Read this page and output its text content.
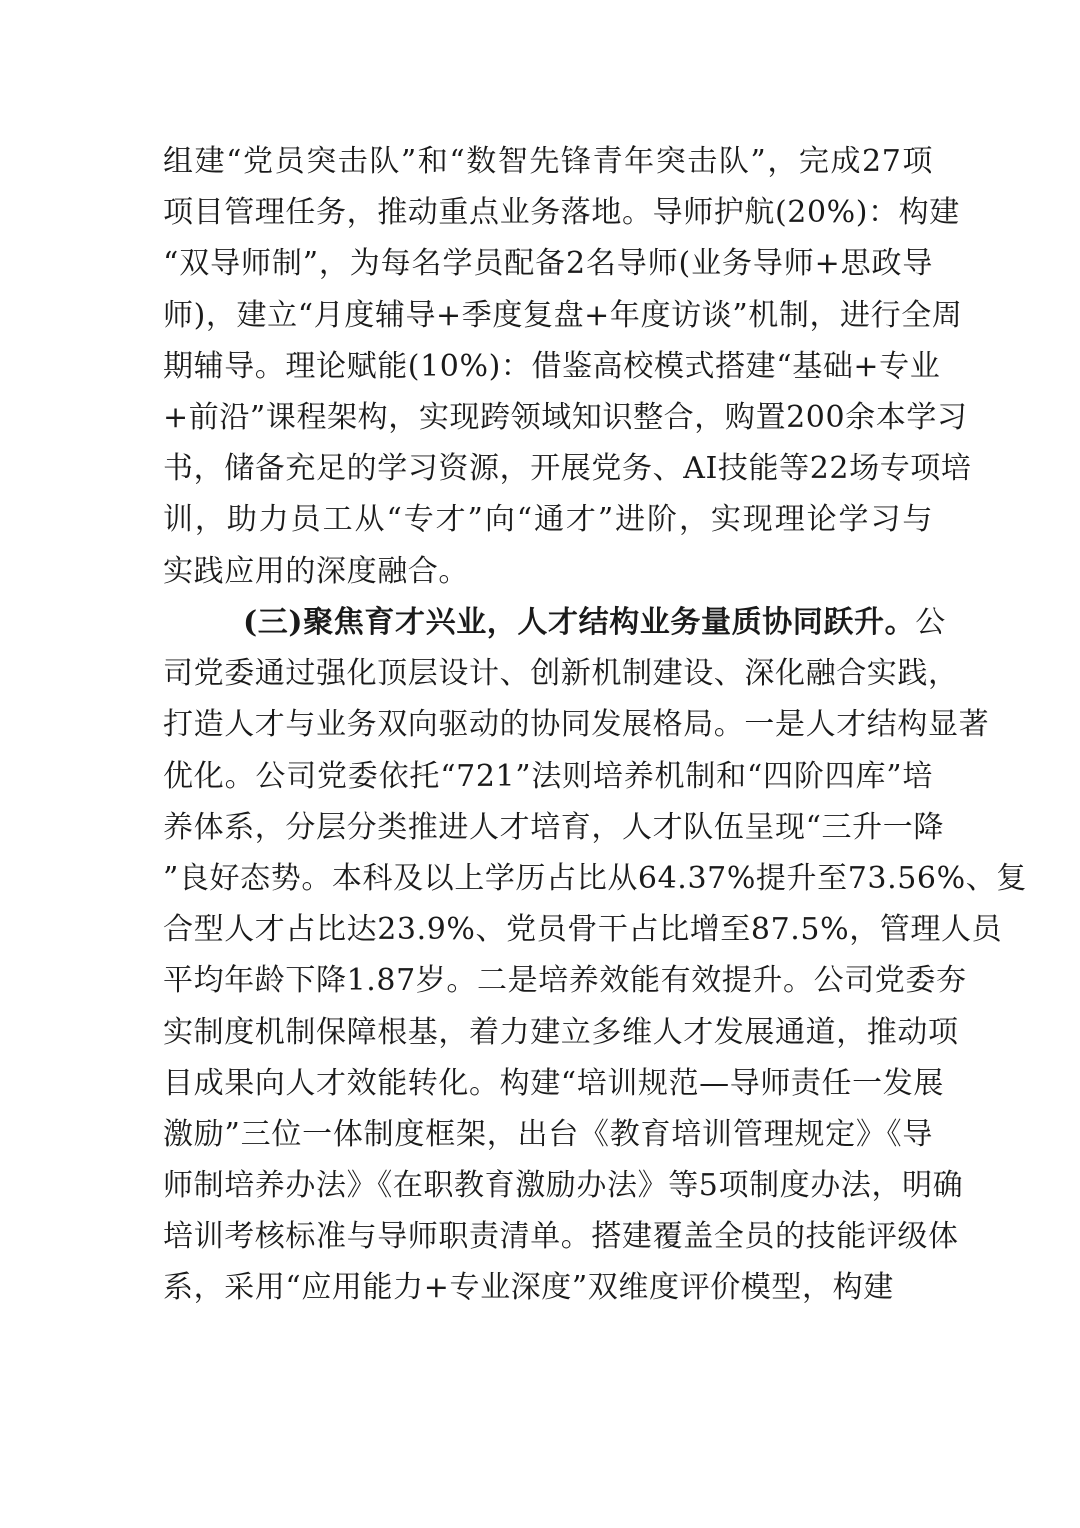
组建“党员突击队”和“数智先锋青年突击队”，完成27项
项目管理任务，推动重点业务落地。导师护航(20%)：构建
“双导师制”，为每名学员配备2名导师(业务导师+思政导
师)，建立“月度辅导+季度复盘+年度访谈”机制，进行全周
期辅导。理论赋能(10%)：借鉴高校模式搭建“基础+专业
+前沿”课程架构，实现跨领域知识整合，购置200余本学习
书，储备充足的学习资源，开展党务、AI技能等22场专项培
训，助力员工从“专才”向“通才”进阶，实现理论学习与
实践应用的深度融合。
(三)聚焦育才兴业，人才结构业务量质协同跃升。公
司党委通过强化顶层设计、创新机制建设、深化融合实践，
打造人才与业务双向驱动的协同发展格局。一是人才结构显著
优化。公司党委依托“721”法则培养机制和“四阶四库”培
养体系，分层分类推进人才培育，人才队伍呈现“三升一降
”良好态势。本科及以上学历占比从64.37%提升至73.56%、复
合型人才占比达23.9%、党员骨干占比增至87.5%，管理人员
平均年龄下降1.87岁。二是培养效能有效提升。公司党委夯
实制度机制保障根基，着力建立多维人才发展通道，推动项
目成果向人才效能转化。构建“培训规范—导师责任一发展
激励”三位一体制度框架，出台《教育培训管理规定》《导
师制培养办法》《在职教育激励办法》等5项制度办法，明确
培训考核标准与导师职责清单。搭建覆盖全员的技能评级体
系，采用“应用能力+专业深度”双维度评价模型，构建
